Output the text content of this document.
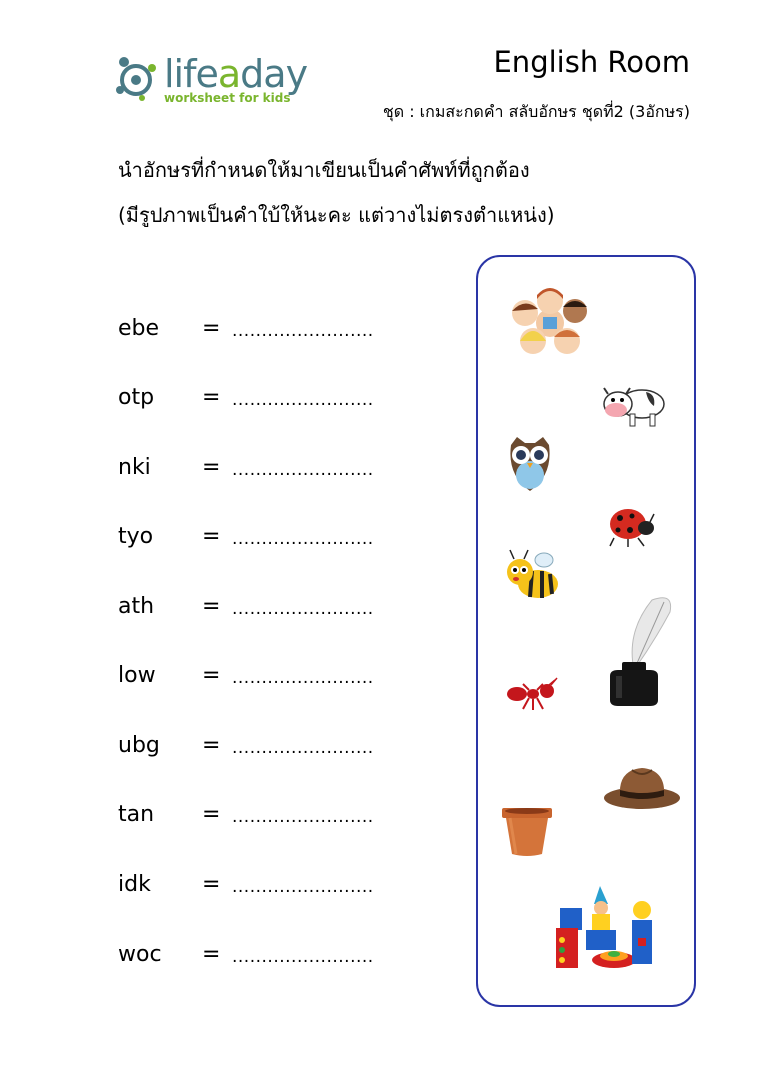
lifeaday
worksheet for kids
English Room
ชุด : เกมสะกดคำ สลับอักษร ชุดที่2 (3อักษร)
นำอักษรที่กำหนดให้มาเขียนเป็นคำศัพท์ที่ถูกต้อง
(มีรูปภาพเป็นคำใบ้ให้นะคะ แต่วางไม่ตรงตำแหน่ง)
ebe = ........................
otp = ........................
nki = ........................
tyo = ........................
ath = ........................
low = ........................
ubg = ........................
tan = ........................
idk = ........................
woc = ........................
